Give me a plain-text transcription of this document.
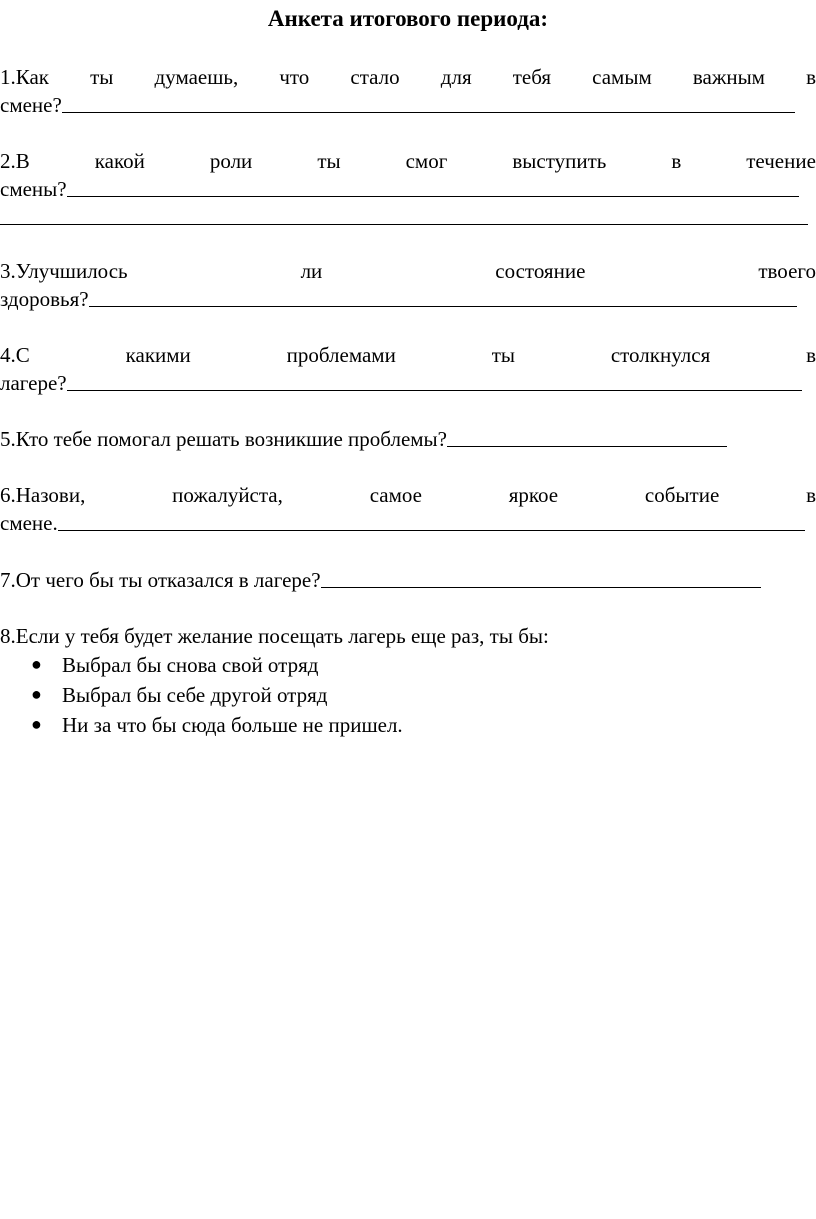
Анкета итогового периода:
1.Как ты думаешь, что стало для тебя самым важным в
смене?
2.В	какой	роли	ты	смог	выступить	в	течение
смены?
3.Улучшилось	ли	состояние	твоего
здоровья?
4.С	какими	проблемами	ты	столкнулся	в
лагере?
5.Кто тебе помогал решать возникшие проблемы?
6.Назови,	пожалуйста,	самое	яркое	событие	в
смене.
7.От чего бы ты отказался в лагере?
8.Если у тебя будет желание посещать лагерь еще раз, ты бы:
● Выбрал бы снова свой отряд
● Выбрал бы себе другой отряд
● Ни за что бы сюда больше не пришел.
